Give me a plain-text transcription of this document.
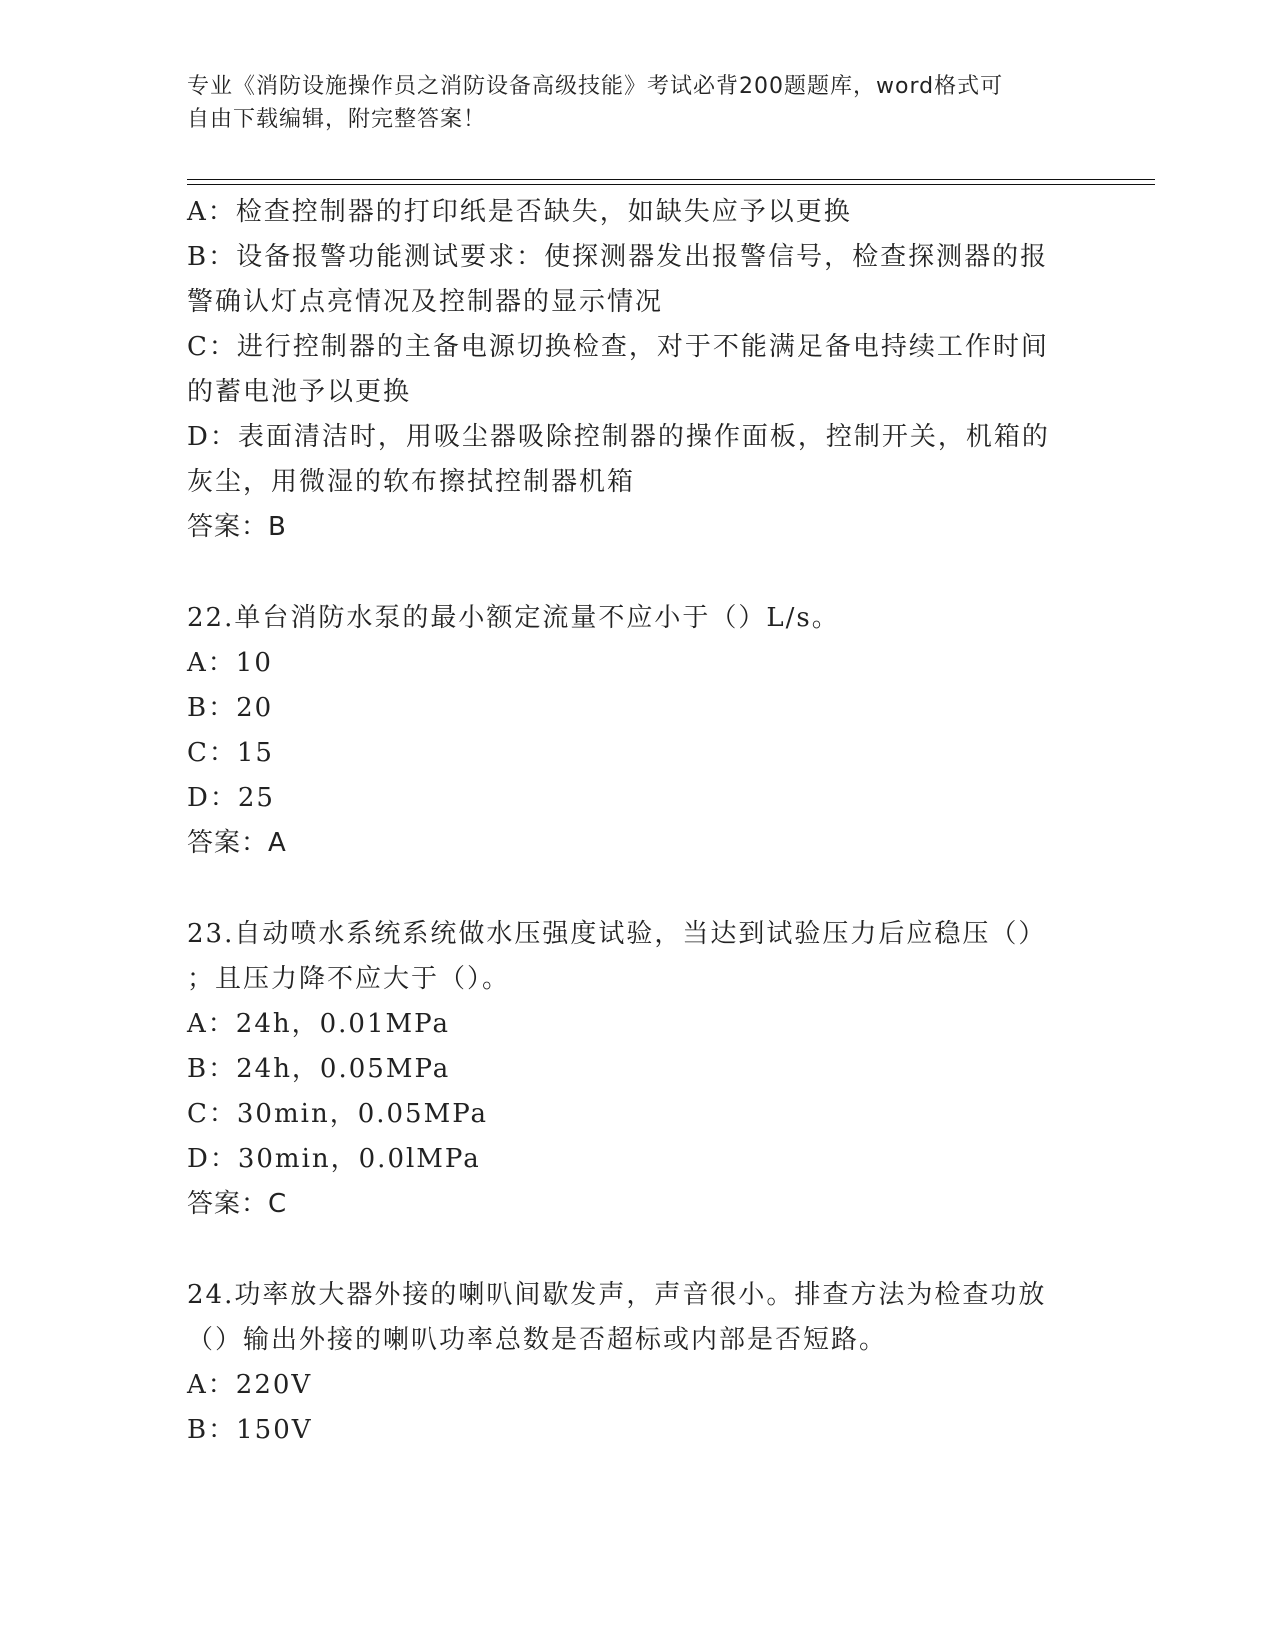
专业《消防设施操作员之消防设备高级技能》考试必背200题题库，word格式可
自由下载编辑，附完整答案！
A：检查控制器的打印纸是否缺失，如缺失应予以更换
B：设备报警功能测试要求：使探测器发出报警信号，检查探测器的报
警确认灯点亮情况及控制器的显示情况
C：进行控制器的主备电源切换检查，对于不能满足备电持续工作时间
的蓄电池予以更换
D：表面清洁时，用吸尘器吸除控制器的操作面板，控制开关，机箱的
灰尘，用微湿的软布擦拭控制器机箱
答案：B
22.单台消防水泵的最小额定流量不应小于（）L/s。
A：10
B：20
C：15
D：25
答案：A
23.自动喷水系统系统做水压强度试验，当达到试验压力后应稳压（）
；且压力降不应大于（）。
A：24h，0.01MPa
B：24h，0.05MPa
C：30min，0.05MPa
D：30min，0.0lMPa
答案：C
24.功率放大器外接的喇叭间歇发声，声音很小。排查方法为检查功放
（）输出外接的喇叭功率总数是否超标或内部是否短路。
A：220V
B：150V
